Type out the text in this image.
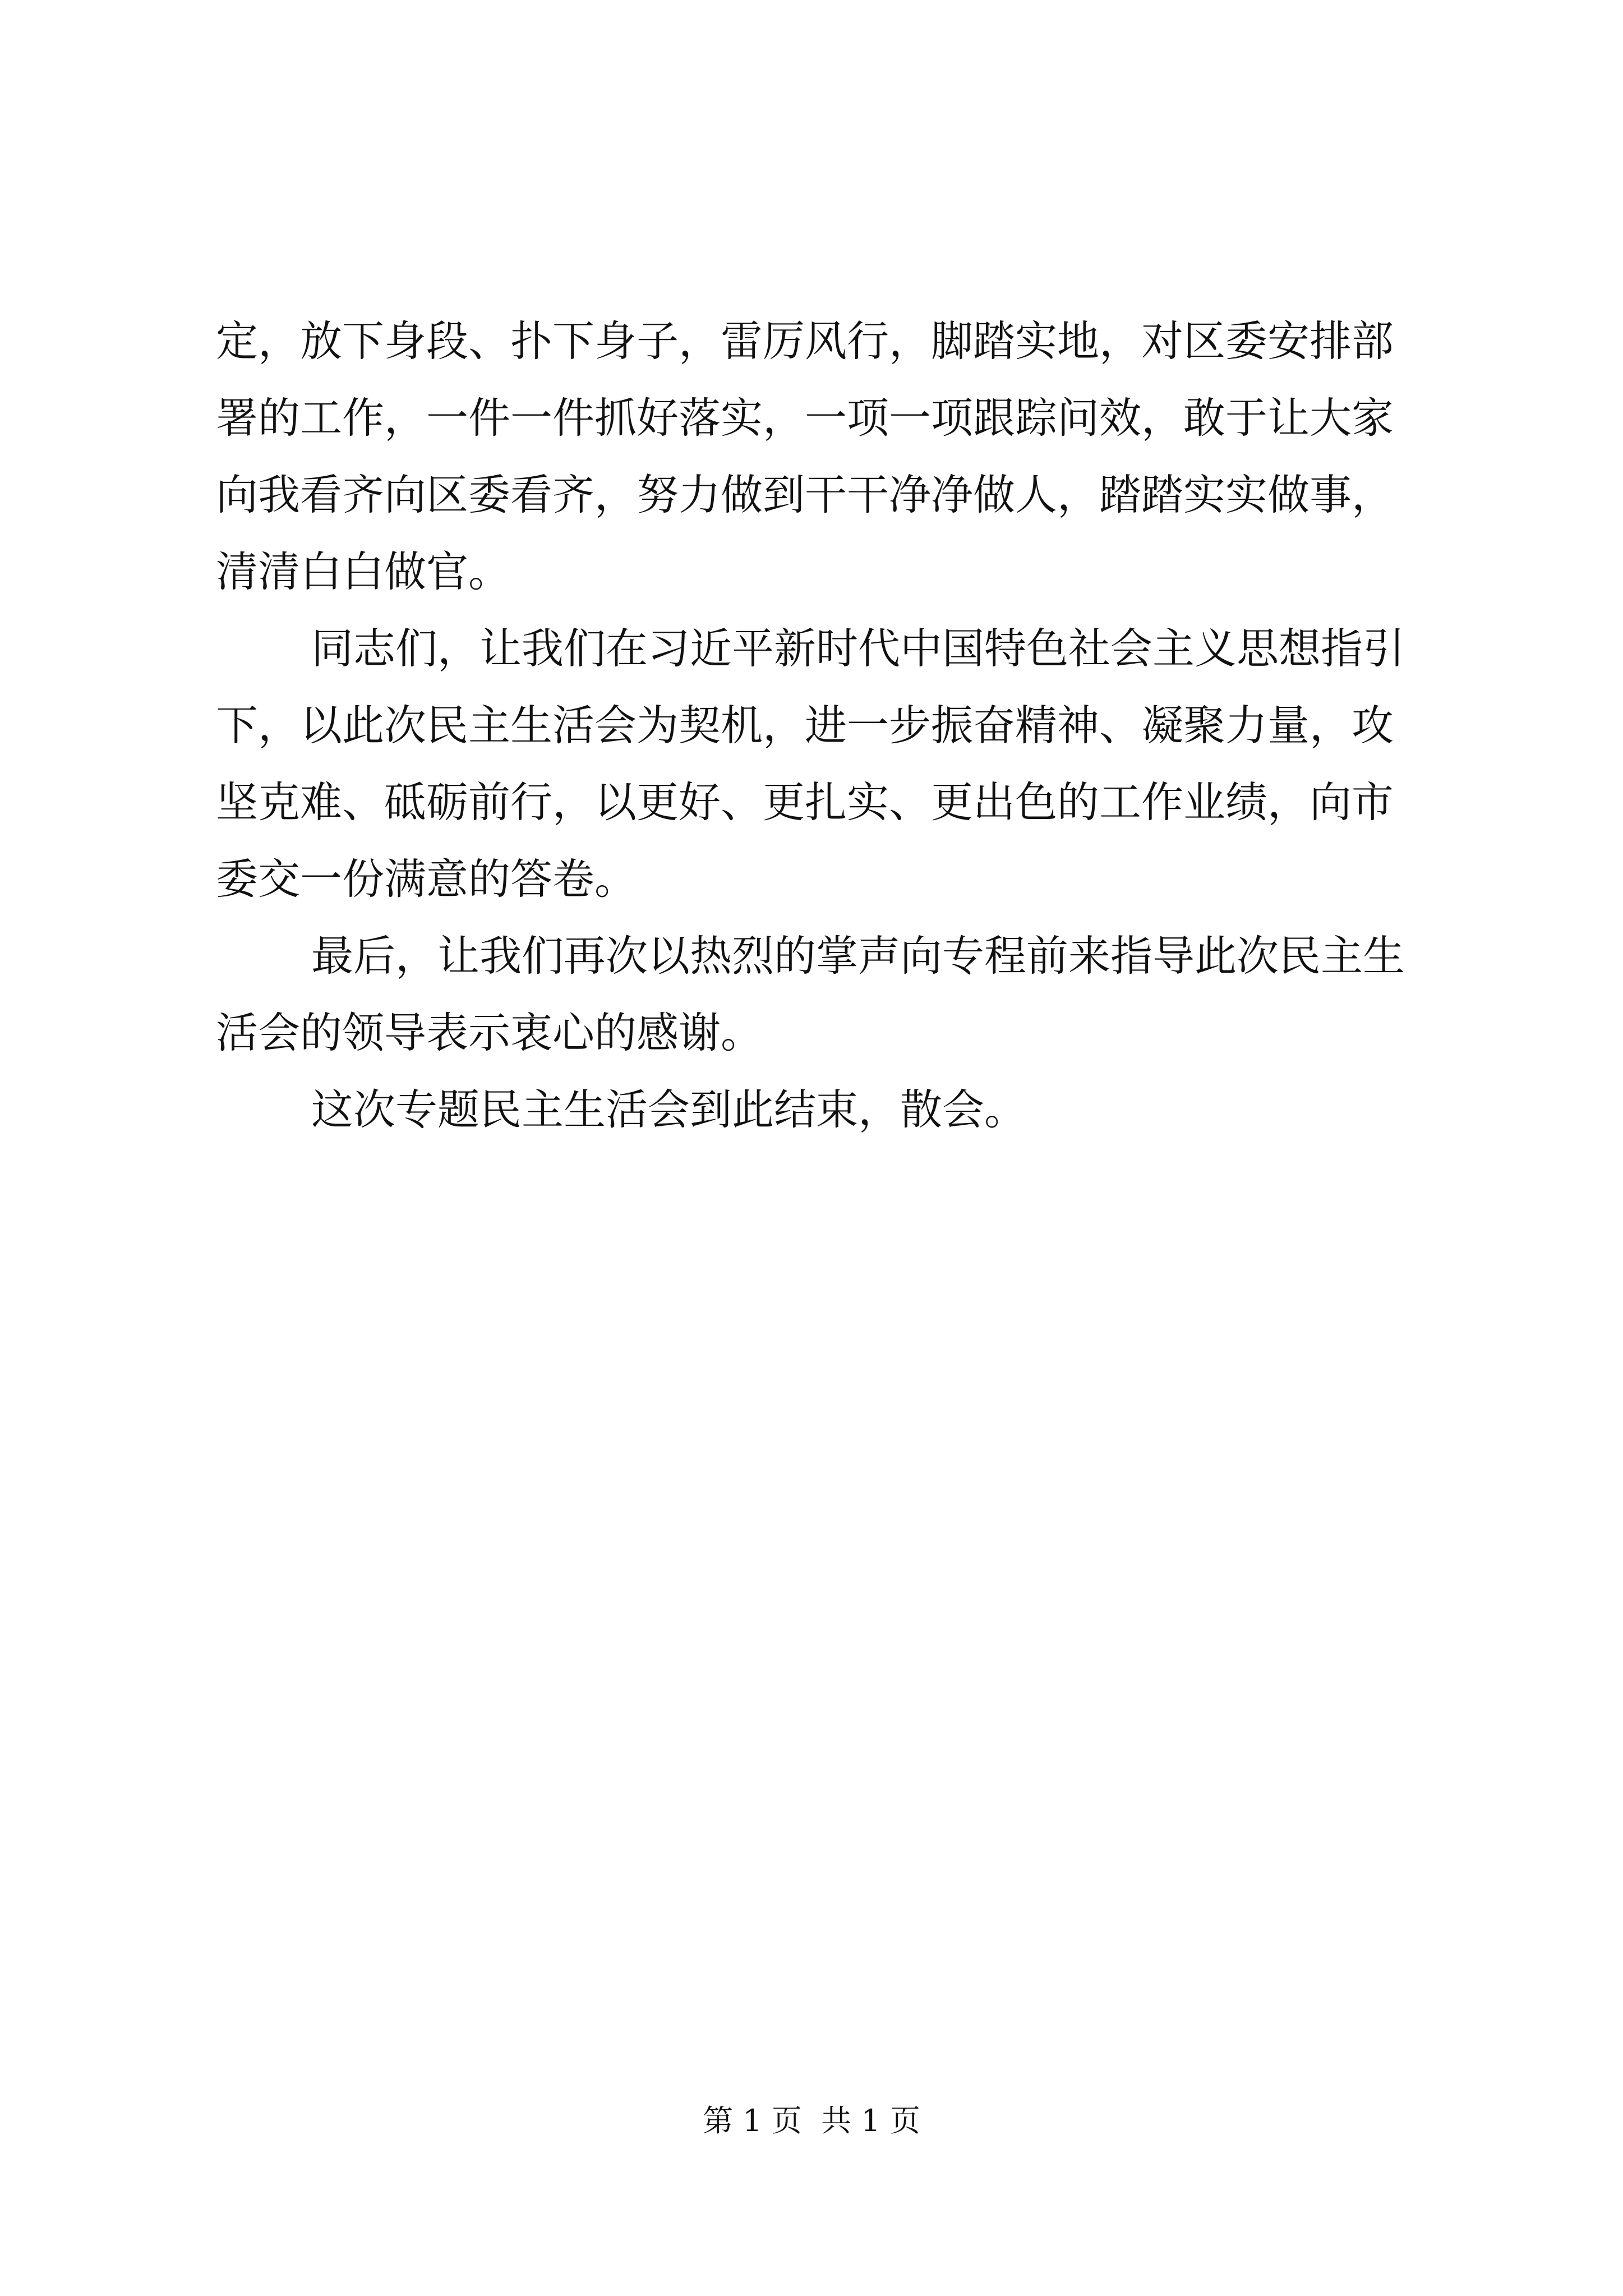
定，放下身段、扑下身子，雷厉风行，脚踏实地，对区委安排部
署的工作，一件一件抓好落实，一项一项跟踪问效，敢于让大家
向我看齐向区委看齐，努力做到干干净净做人，踏踏实实做事，
清清白白做官。
同志们，让我们在习近平新时代中国特色社会主义思想指引
下，以此次民主生活会为契机，进一步振奋精神、凝聚力量，攻
坚克难、砥砺前行，以更好、更扎实、更出色的工作业绩，向市
委交一份满意的答卷。
最后，让我们再次以热烈的掌声向专程前来指导此次民主生
活会的领导表示衷心的感谢。
这次专题民主生活会到此结束，散会。
第 1 页  共 1 页
